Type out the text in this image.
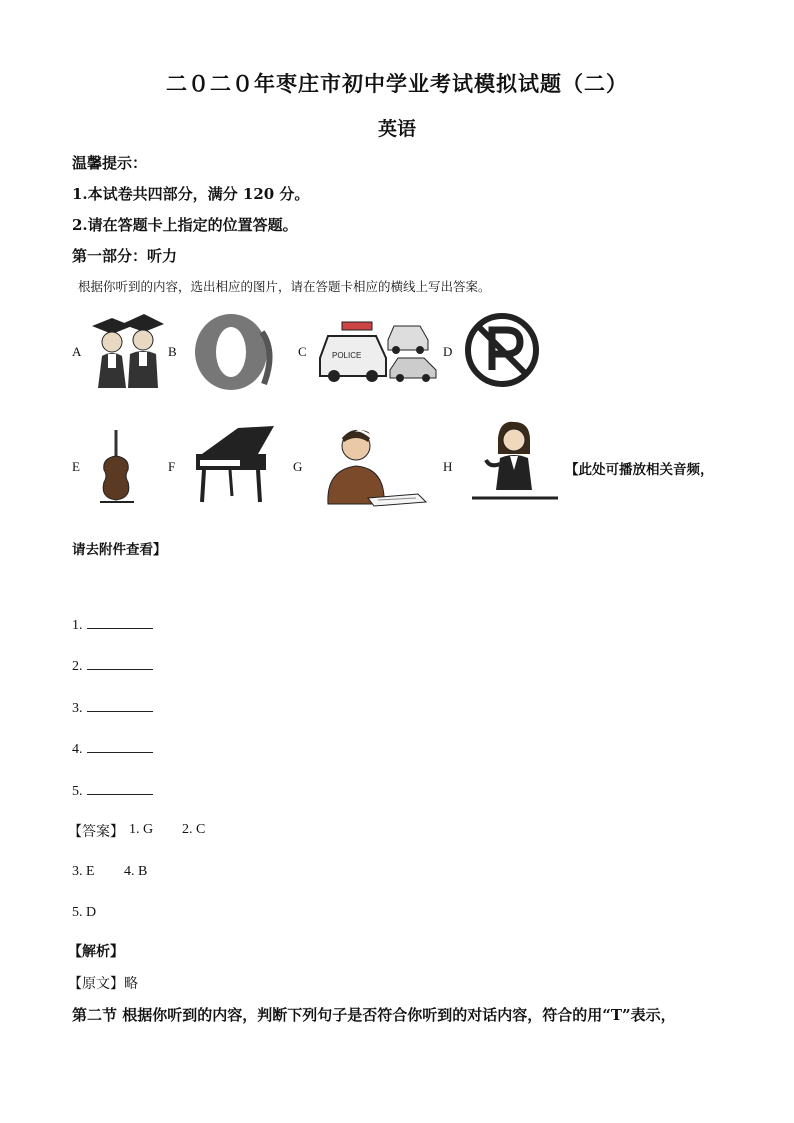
二０二０年枣庄市初中学业考试模拟试题（二）
英语
温馨提示：
1.本试卷共四部分，满分 120 分。
2.请在答题卡上指定的位置答题。
第一部分：听力
根据你听到的内容，选出相应的图片，请在答题卡相应的横线上写出答案。
A	B	C	POLICE	D
E	F	G	H	【此处可播放相关音频，
请去附件查看】
1.
2.
3.
4.
5.
【答案】 1. G 2. C
3. E 4. B
5. D
【解析】
【原文】略
第二节 根据你听到的内容，判断下列句子是否符合你听到的对话内容，符合的用“T”表示，
